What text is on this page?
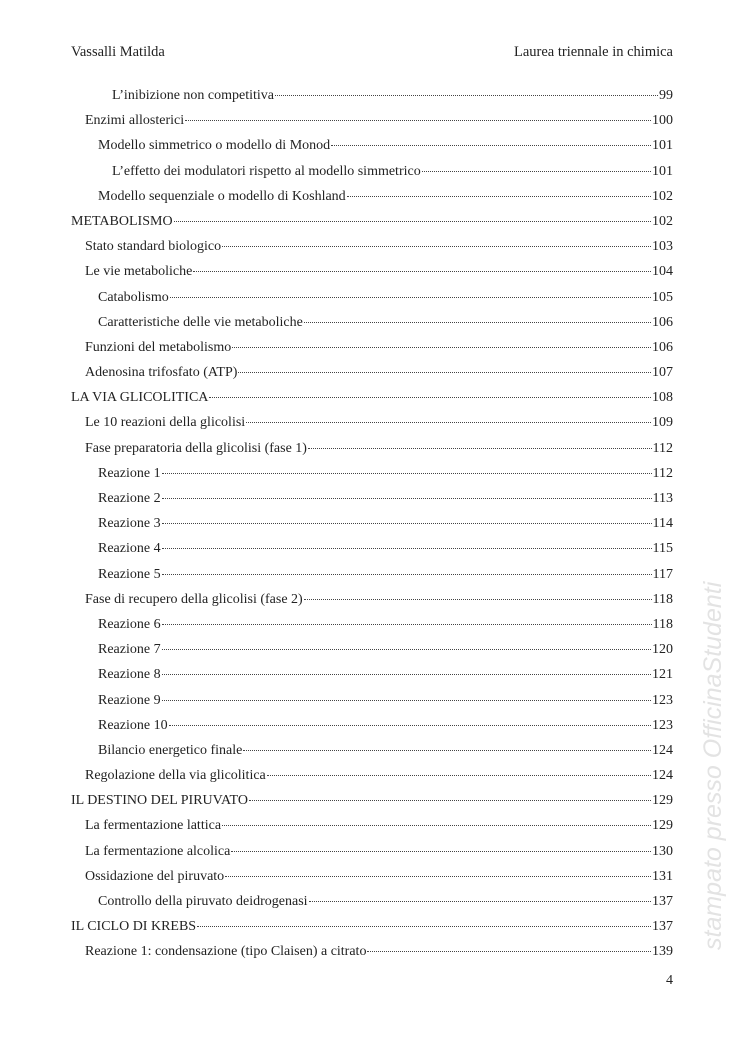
Vassalli Matilda	Laurea triennale in chimica
L’inibizione non competitiva	99
Enzimi allosterici	100
Modello simmetrico o modello di Monod	101
L’effetto dei modulatori rispetto al modello simmetrico	101
Modello sequenziale o modello di Koshland	102
METABOLISMO	102
Stato standard biologico	103
Le vie metaboliche	104
Catabolismo	105
Caratteristiche delle vie metaboliche	106
Funzioni del metabolismo	106
Adenosina trifosfato (ATP)	107
LA VIA GLICOLITICA	108
Le 10 reazioni della glicolisi	109
Fase preparatoria della glicolisi (fase 1)	112
Reazione 1	112
Reazione 2	113
Reazione 3	114
Reazione 4	115
Reazione 5	117
Fase di recupero della glicolisi (fase 2)	118
Reazione 6	118
Reazione 7	120
Reazione 8	121
Reazione 9	123
Reazione 10	123
Bilancio energetico finale	124
Regolazione della via glicolitica	124
IL DESTINO DEL PIRUVATO	129
La fermentazione lattica	129
La fermentazione alcolica	130
Ossidazione del piruvato	131
Controllo della piruvato deidrogenasi	137
IL CICLO DI KREBS	137
Reazione 1: condensazione (tipo Claisen) a citrato	139
4
stampato presso OfficinaStudenti
